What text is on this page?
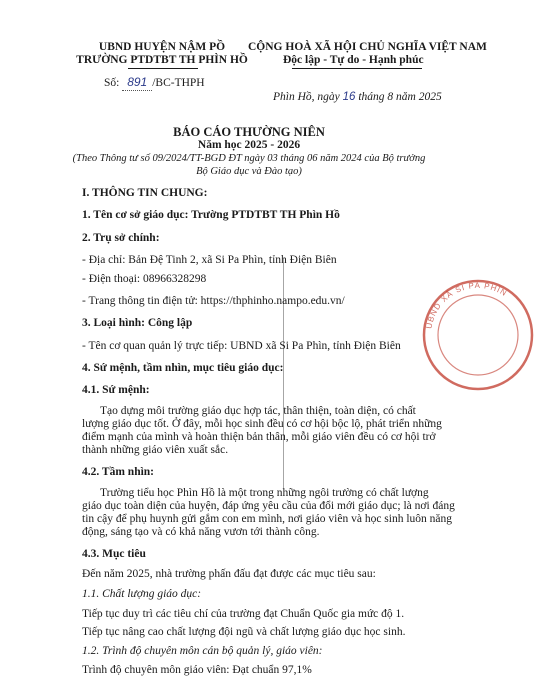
UBND HUYỆN NẬM PỒ
TRƯỜNG PTDTBT TH PHÌN HỒ
Số: 891 /BC-THPH
CỘNG HOÀ XÃ HỘI CHỦ NGHĨA VIỆT NAM
Độc lập - Tự do - Hạnh phúc
Phìn Hồ, ngày 16 tháng 8 năm 2025
BÁO CÁO THƯỜNG NIÊN
Năm học 2025 - 2026
(Theo Thông tư số 09/2024/TT-BGD ĐT ngày 03 tháng 06 năm 2024 của Bộ trưởng
Bộ Giáo dục và Đào tạo)
I. THÔNG TIN CHUNG:
1. Tên cơ sở giáo dục: Trường PTDTBT TH Phìn Hồ
2. Trụ sở chính:
- Địa chỉ: Bản Đệ Tinh 2, xã Si Pa Phìn, tỉnh Điện Biên
- Điện thoại: 08966328298
- Trang thông tin điện tử: https://thphinho.nampo.edu.vn/
3. Loại hình: Công lập
- Tên cơ quan quản lý trực tiếp: UBND xã Si Pa Phìn, tỉnh Điện Biên
4. Sứ mệnh, tầm nhìn, mục tiêu giáo dục:
4.1. Sứ mệnh:
Tạo dựng môi trường giáo dục hợp tác, thân thiện, toàn diện, có chất
lượng giáo dục tốt. Ở đây, mỗi học sinh đều có cơ hội bộc lộ, phát triển những
điểm mạnh của mình và hoàn thiện bản thân, mỗi giáo viên đều có cơ hội trở
thành những giáo viên xuất sắc.
4.2. Tầm nhìn:
Trường tiểu học Phìn Hồ là một trong những ngôi trường có chất lượng
giáo dục toàn diện của huyện, đáp ứng yêu cầu của đổi mới giáo dục; là nơi đáng
tin cậy để phụ huynh gửi gắm con em mình, nơi giáo viên và học sinh luôn năng
động, sáng tạo và có khả năng vươn tới thành công.
4.3. Mục tiêu
Đến năm 2025, nhà trường phấn đấu đạt được các mục tiêu sau:
1.1. Chất lượng giáo dục:
Tiếp tục duy trì các tiêu chí của trường đạt Chuẩn Quốc gia mức độ 1.
Tiếp tục nâng cao chất lượng đội ngũ và chất lượng giáo dục học sinh.
1.2. Trình độ chuyên môn cán bộ quản lý, giáo viên:
Trình độ chuyên môn giáo viên: Đạt chuẩn 97,1%
UBND XÃ SI PA PHÌN
